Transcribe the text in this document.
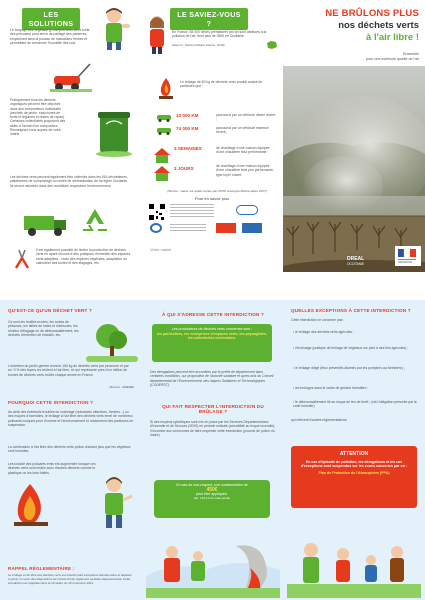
LES SOLUTIONS
Le broyage des végétaux (y compris ceux de la tonte des pelouses) peut servir de paillage des parterres, empêchant ainsi la pousse de mauvaises herbes et permettant de conserver l'humidité des sols.
Pratiquement tous les déchets organiques peuvent être déposés dans des composteurs individuels (déchets de jardin, épluchures de fruits et légumes et restes de repas). Certaines collectivités proposent des aides à l'achat d'un composteur. Renseignez-vous auprès de votre mairie.
Les déchets verts peuvent également être collectés dans les 516 déchetteries, plateformes de compostage ou unités de méthanisation de la région Occitanie. Ils seront valorisés dans des conditions respectant l'environnement.
Il est également possible de limiter la production de déchets verts en ayant recours à des pratiques d'entretien des espaces verts adaptées : choix des espèces végétales, adaptation du calendrier des tontes et des élagages, etc.
LE SAVIEZ-VOUS ?
En France, 68 000 décès prématurés par an sont attribués à la pollution de l'air, dont plus de 2800 en Occitanie.
(Source : Santé publique France, 2016)
Le brûlage de 50 kg de déchets verts produit autant de particules que :
13 000 KM	parcourus par un véhicule diesel récent ;
74 000 KM	parcourus par un véhicule essence récent ;
3 SEMAINES	de chauffage d'une maison équipée d'une chaudière fioul performante ;
3 JOURS	de chauffage d'une maison équipée d'une chaudière bois peu performante, type foyer ouvert.
(Source : valeur sur étude menée par ATMO Auvergne-Rhône-Alpes 2017)
Pour en savoir plus
Votre mairie
NE BRÛLONS PLUS
nos déchets verts
à l'air libre !
Ensemble
pour une meilleure qualité de l'air
DREAL
OCCITANIE
QU'EST-CE QU'UN DÉCHET VERT ?
Ce sont les feuilles mortes, les tontes de pelouses, les tailles de haies et d'arbustes, les résidus d'élagage ou de débroussaillement, les déchets d'entretien de massifs, etc.
L'entretien du jardin génère environ 160 kg de déchets verts par personne et par an. 9 % des foyers les brûlent à l'air libre, ce qui représente près d'un million de tonnes de déchets verts brûlés chaque année en France.
(Source : ADEME)
POURQUOI CETTE INTERDICTION ?
Au-delà des éventuels troubles du voisinage (nuisances olfactives, fumées...) ou des risques d'incendies, le brûlage à l'air libre des déchets verts émet de nombreux polluants toxiques pour l'homme et l'environnement et notamment des particules en suspension.
La combustion à l'air libre des déchets verts pollue d'autant plus que les végétaux sont humides.
Les toxicité des polluants émis est augmentée lorsque ces déchets verts sont brûlés avec d'autres déchets comme le plastique ou les bois traités.
RAPPEL RÉGLEMENTAIRE :
Le brûlage à l'air libre des déchets verts est interdit (sauf exceptions décrites dans le dépliant ci-joint), en vertu des dispositions de l'article 84 du règlement sanitaire départemental. Cette interdiction est rappelée dans la circulaire du 18 novembre 2011.
À QUI S'ADRESSE CETTE INTERDICTION ?
Les producteurs de déchets verts concernés sont :
les particuliers, les entreprises d'espaces verts, les paysagistes, les collectivités territoriales.
Des dérogations peuvent être accordées par le préfet de département dans certaines conditions, sur proposition de l'autorité sanitaire et après avis du Conseil départemental de l'Environnement, des risques Sanitaires et Technologiques (CODERST).
QUI FAIT RESPECTER L'INTERDICTION DU BRÛLAGE ?
Si des moyens spécifiques sont mis en place par les Services Départementaux d'Incendie et de Secours (SDIS) en période estivale (sensibilité au risque incendie), il incombe aux communes de faire respecter cette interdiction (pouvoir de police du maire).
En cas de non-respect, une contravention de
450€
peut être appliquée.
(art. 131-13 du code pénal)
QUELLES EXCEPTIONS À CETTE INTERDICTION ?
Cette interdiction ne concerne pas :
• le brûlage des déchets verts agricoles ;
• l'écobuage (pratique de brûlage de végétaux sur pied à des fins agricoles) ;
• le brûlage dirigé (feux préventifs allumés par les pompiers au forestiers) ;
• les brûlages dans le cadre de gestion forestière ;
• le débroussaillement lié au risque de feu de forêt ; (via l'obligation prescrite par le code forestier)
qui relèvent d'autres réglementations.
ATTENTION
En cas d'épisode de pollution, les dérogations et les cas d'exceptions sont suspendus sur les zones couvertes par un :
Plan de Protection de l'Atmosphère (PPA)
